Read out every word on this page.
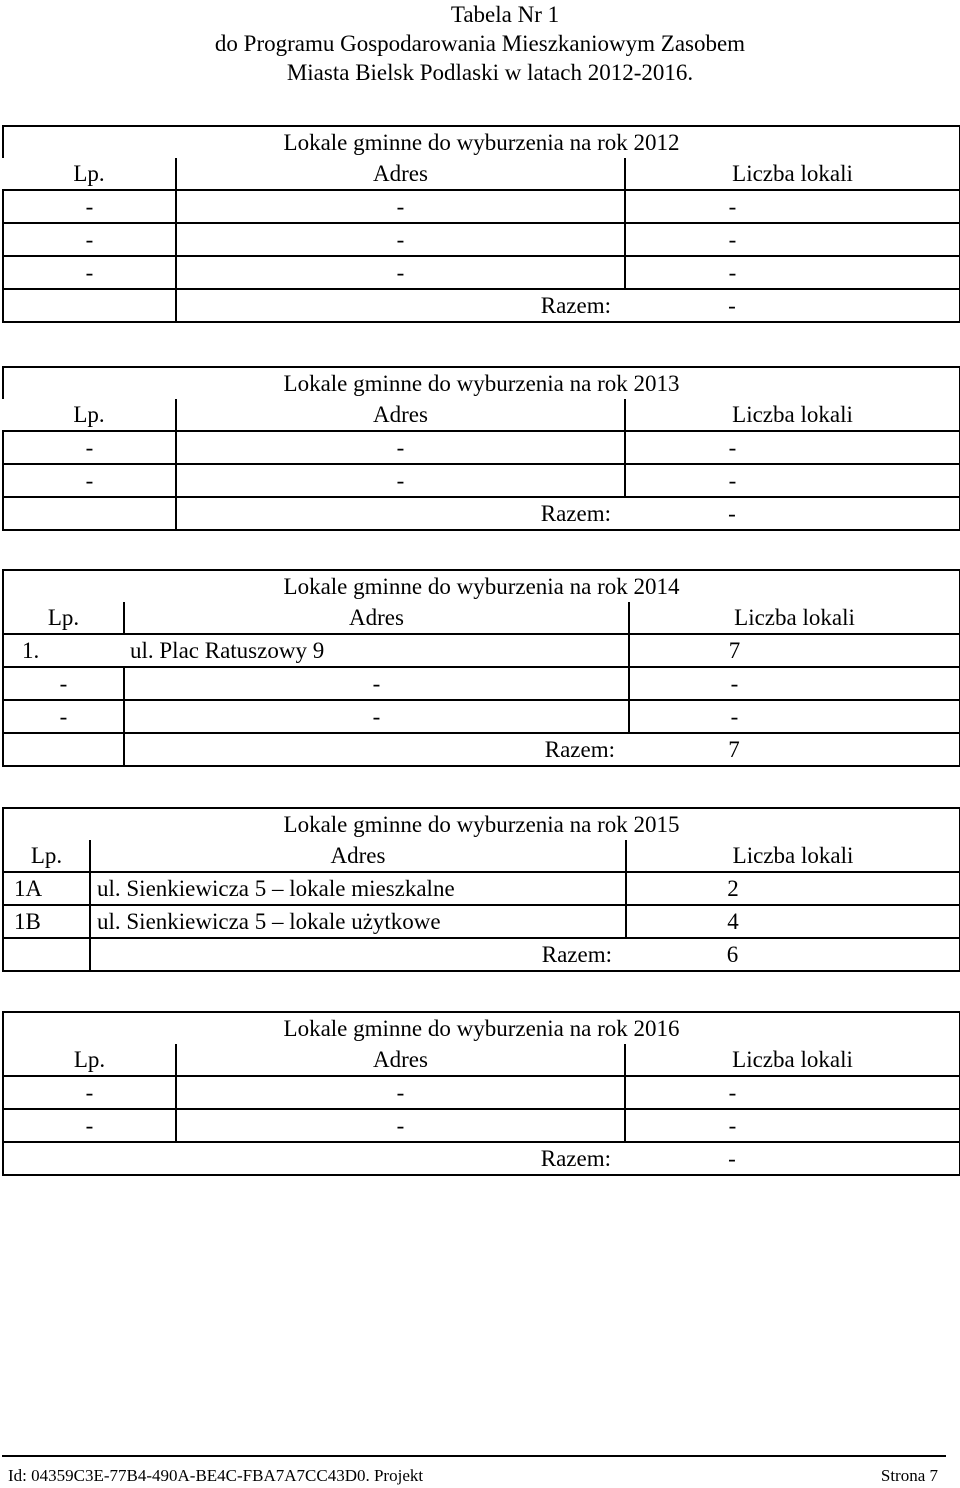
Tabela Nr 1
do Programu Gospodarowania Mieszkaniowym Zasobem
Miasta Bielsk Podlaski w latach 2012-2016.
Lokale gminne do wyburzenia na rok 2012		
Lp.	Adres	Liczba lokali
-	-	-
-	-	-
-	-	-
	Razem:	-
Lokale gminne do wyburzenia na rok 2013		
Lp.	Adres	Liczba lokali
-	-	-
-	-	-
	Razem:	-
Lokale gminne do wyburzenia na rok 2014		
Lp.	Adres	Liczba lokali
1.	ul. Plac Ratuszowy 9	7
-	-	-
-	-	-
	Razem:	7
Lokale gminne do wyburzenia na rok 2015		
Lp.	Adres	Liczba lokali
1A	ul. Sienkiewicza 5 – lokale mieszkalne	2
1B	ul. Sienkiewicza 5 – lokale użytkowe	4
	Razem:	6
Lokale gminne do wyburzenia na rok 2016		
Lp.	Adres	Liczba lokali
-	-	-
-	-	-
	Razem:	-
Id: 04359C3E-77B4-490A-BE4C-FBA7A7CC43D0. Projekt	Strona 7
